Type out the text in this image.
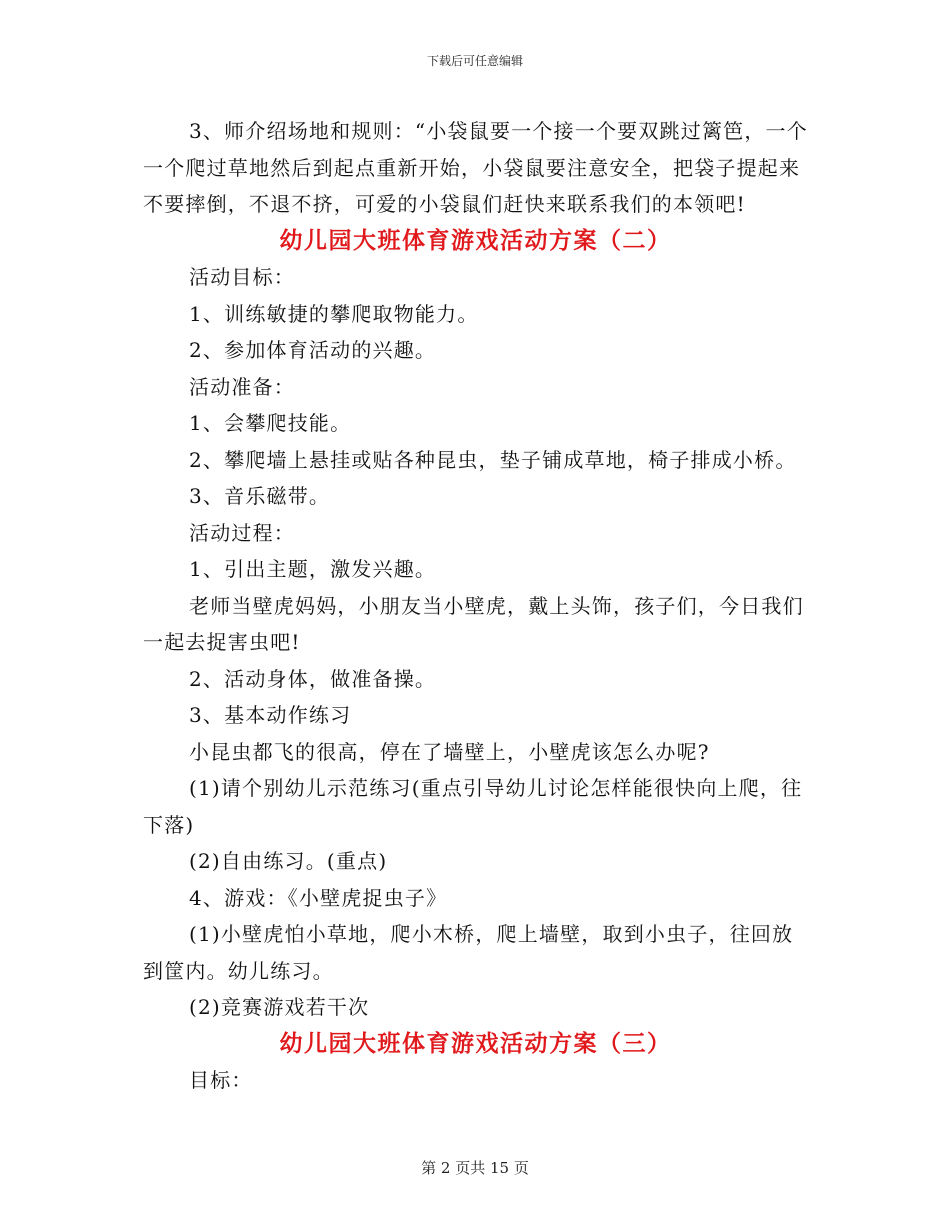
下载后可任意编辑

3、师介绍场地和规则：“小袋鼠要一个接一个要双跳过篱笆，一个一个爬过草地然后到起点重新开始，小袋鼠要注意安全，把袋子提起来不要摔倒，不退不挤，可爱的小袋鼠们赶快来联系我们的本领吧!

幼儿园大班体育游戏活动方案（二）

活动目标：

1、训练敏捷的攀爬取物能力。

2、参加体育活动的兴趣。

活动准备：

1、会攀爬技能。

2、攀爬墙上悬挂或贴各种昆虫，垫子铺成草地，椅子排成小桥。

3、音乐磁带。

活动过程：

1、引出主题，激发兴趣。

老师当壁虎妈妈，小朋友当小壁虎，戴上头饰，孩子们，今日我们一起去捉害虫吧!

2、活动身体，做准备操。

3、基本动作练习

小昆虫都飞的很高，停在了墙壁上，小壁虎该怎么办呢?

(1)请个别幼儿示范练习(重点引导幼儿讨论怎样能很快向上爬，往下落)

(2)自由练习。(重点)

4、游戏：《小壁虎捉虫子》

(1)小壁虎怕小草地，爬小木桥，爬上墙壁，取到小虫子，往回放到筐内。幼儿练习。

(2)竞赛游戏若干次

幼儿园大班体育游戏活动方案（三）

目标：

第 2 页共 15 页
